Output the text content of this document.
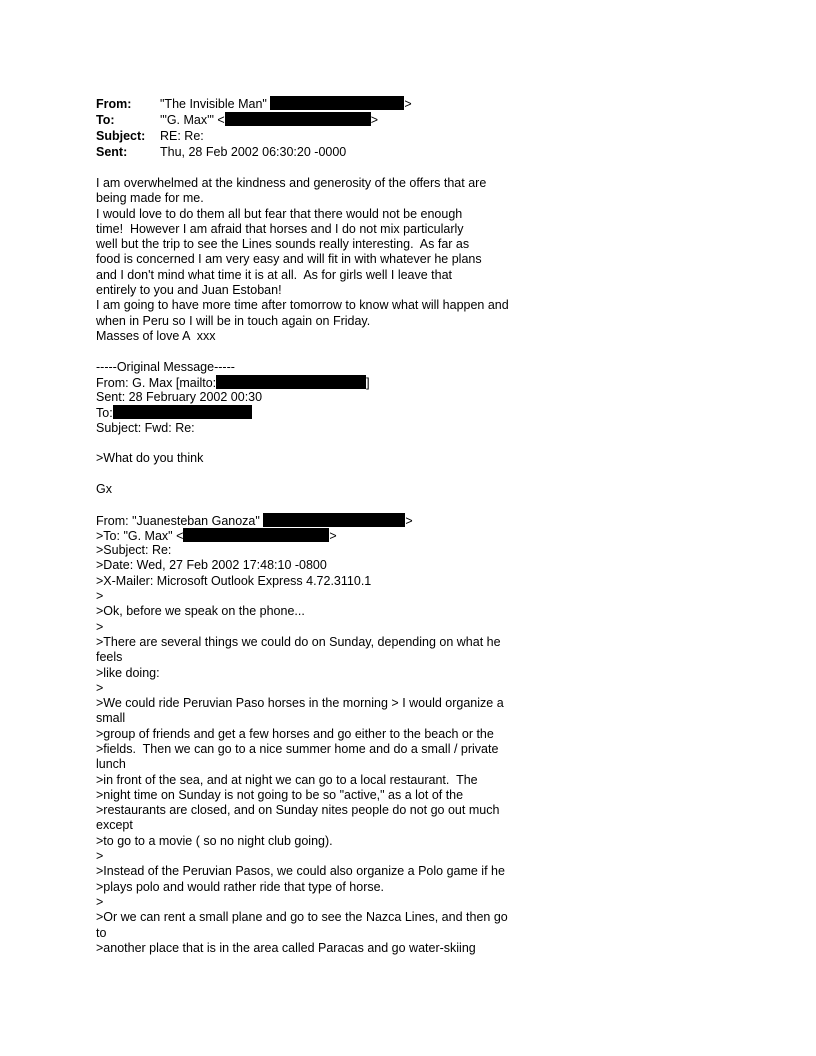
From:	"The Invisible Man"	>
To:	'"G. Max'" <	>
Subject:	RE: Re:
Sent:	Thu, 28 Feb 2002 06:30:20 -0000
I am overwhelmed at the kindness and generosity of the offers that are
being made for me.
I would love to do them all but fear that there would not be enough
time!  However I am afraid that horses and I do not mix particularly
well but the trip to see the Lines sounds really interesting.  As far as
food is concerned I am very easy and will fit in with whatever he plans
and I don't mind what time it is at all.  As for girls well I leave that
entirely to you and Juan Estoban!
I am going to have more time after tomorrow to know what will happen and
when in Peru so I will be in touch again on Friday.
Masses of love A  xxx
-----Original Message-----
From: G. Max [mailto:	]
Sent: 28 February 2002 00:30
To:
Subject: Fwd: Re:
>What do you think
Gx
From: "Juanesteban Ganoza"	>
>To: "G. Max" <	>
>Subject: Re:
>Date: Wed, 27 Feb 2002 17:48:10 -0800
>X-Mailer: Microsoft Outlook Express 4.72.3110.1
>
>Ok, before we speak on the phone...
>
>There are several things we could do on Sunday, depending on what he
feels
>like doing:
>
>We could ride Peruvian Paso horses in the morning > I would organize a
small
>group of friends and get a few horses and go either to the beach or the
>fields.  Then we can go to a nice summer home and do a small / private
lunch
>in front of the sea, and at night we can go to a local restaurant.  The
>night time on Sunday is not going to be so "active," as a lot of the
>restaurants are closed, and on Sunday nites people do not go out much
except
>to go to a movie ( so no night club going).
>
>Instead of the Peruvian Pasos, we could also organize a Polo game if he
>plays polo and would rather ride that type of horse.
>
>Or we can rent a small plane and go to see the Nazca Lines, and then go
to
>another place that is in the area called Paracas and go water-skiing
